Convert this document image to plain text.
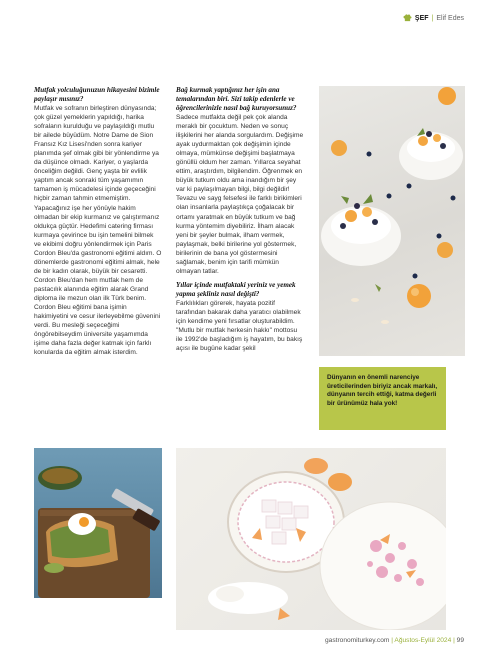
ŞEF | Elif Edes

Mutfak yolculuğunuzun hikayesini bizimle paylaşır mısınız?

Mutfak ve sofranın birleştiren dünyasında; çok güzel yemeklerin yapıldığı, harika sofraların kurulduğu ve paylaşıldığı mutlu bir ailede büyüdüm. Notre Dame de Sion Fransız Kız Lisesi'nden sonra kariyer planımda şef olmak gibi bir yönlendirme ya da düşünce olmadı. Kariyer, o yaşlarda önceliğim değildi. Genç yaşta bir evlilik yaptım ancak sonraki tüm yaşamımın tamamen iş mücadelesi içinde geçeceğini hiçbir zaman tahmin etmemiştim. Yapacağınız işe her yönüyle hakim olmadan bir ekip kurmanız ve çalıştırmanız oldukça güçtür. Hedefimi catering firması kurmaya çevirince bu işin temelini bilmek ve ekibimi doğru yönlendirmek için Paris Cordon Bleu'da gastronomi eğitimi aldım. O dönemlerde gastronomi eğitimi almak, hele de bir kadın olarak, büyük bir cesaretti. Cordon Bleu'dan hem mutfak hem de pastacılık alanında eğitim alarak Grand diploma ile mezun olan ilk Türk benim. Cordon Bleu eğitimi bana işimin hakimiyetini ve cesur ilerleyebilme güvenini verdi. Bu mesleği seçeceğimi öngörebilseydim üniversite yaşamımda işime daha fazla değer katmak için farklı konularda da eğitim almak isterdim.

Bağ kurmak yaptığınız her işin ana temalarından biri. Sizi takip edenlerle ve öğrencilerinizle nasıl bağ kuruyorsunuz?

Sadece mutfakta değil pek çok alanda meraklı bir çocuktum. Neden ve sonuç ilişkilerini her alanda sorgulardım. Değişime ayak uydurmaktan çok değişimin içinde olmaya, mümkünse değişimi başlatmaya gönüllü oldum her zaman. Yıllarca seyahat ettim, araştırdım, bilgilendim. Öğrenmek en büyük tutkum oldu ama inandığım bir şey var ki paylaşılmayan bilgi, bilgi değildir! Tevazu ve sayg felsefesi ile farklı birikimleri olan insanlarla paylaştıkça çoğalacak bir ortamı yaratmak en büyük tutkum ve bağ kurma yöntemim diyebiliriz. İlham alacak yeni bir şeyler bulmak, ilham vermek, paylaşmak, belki birilerine yol göstermek, birilerinin de bana yol göstermesini sağlamak, benim için tarifi mümkün olmayan tatlar.

Yıllar içinde mutfaktaki yeriniz ve yemek yapma şekliniz nasıl değişti?

Farklılıkları görerek, hayata pozitif tarafından bakarak daha yaratıcı olabilmek için kendime yeni fırsatlar oluşturabildim. "Mutlu bir mutfak herkesin hakkı" mottosu ile 1992'de başladığım iş hayatım, bu bakış açısı ile bugüne kadar şekil

Dünyanın en önemli narenciye üreticilerinden biriyiz ancak markalı, dünyanın tercih ettiği, katma değerli bir ürünümüz hala yok!
gastronomiturkey.com | Ağustos-Eylül 2024 | 99
